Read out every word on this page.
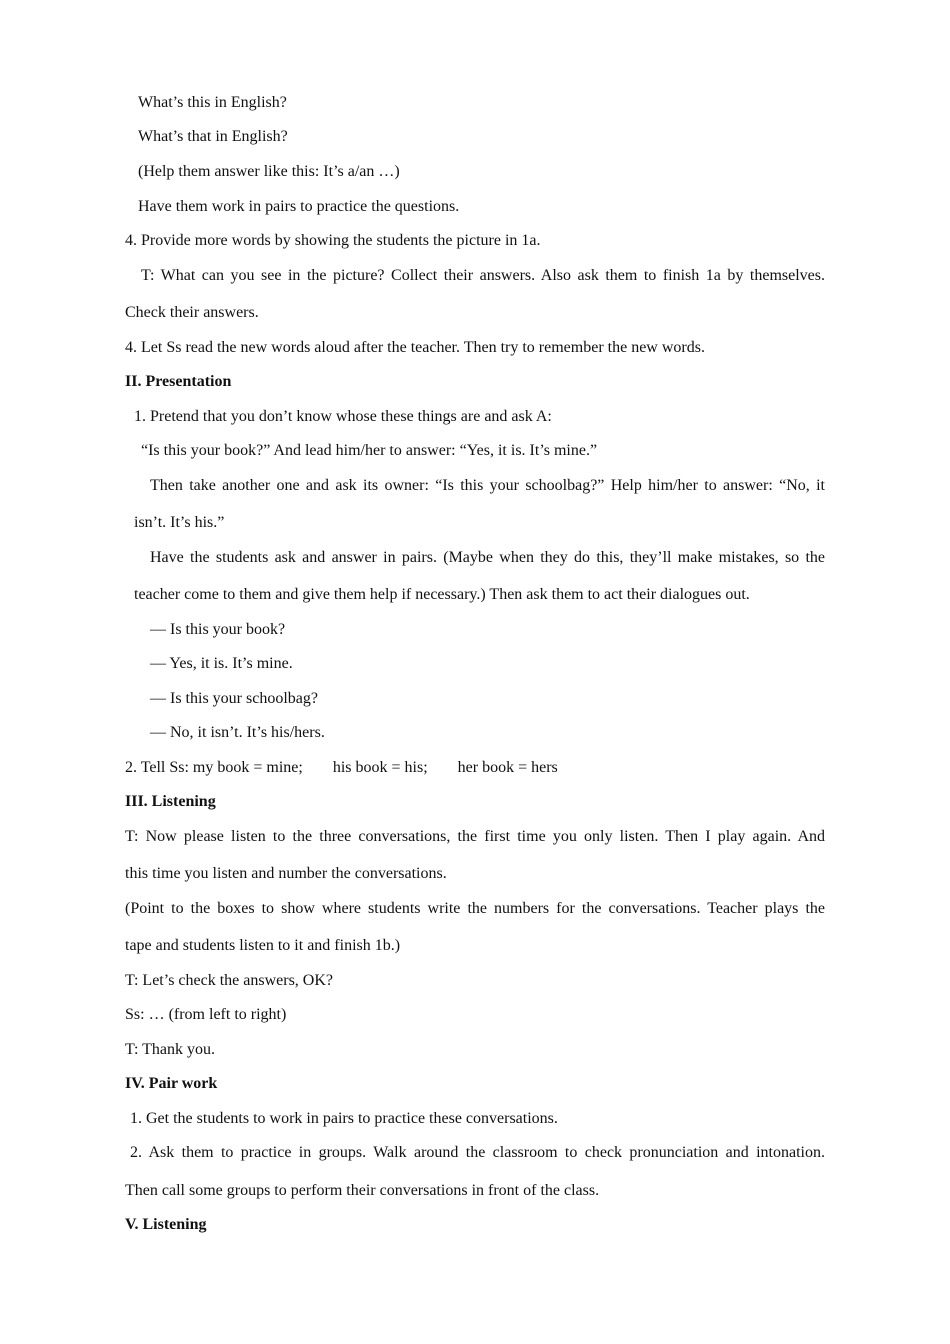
What’s this in English?
What’s that in English?
(Help them answer like this: It’s a/an …)
Have them work in pairs to practice the questions.
4. Provide more words by showing the students the picture in 1a.
T: What can you see in the picture? Collect their answers. Also ask them to finish 1a by themselves.
Check their answers.
4. Let Ss read the new words aloud after the teacher. Then try to remember the new words.
II. Presentation
1. Pretend that you don’t know whose these things are and ask A:
“Is this your book?” And lead him/her to answer: “Yes, it is. It’s mine.”
Then take another one and ask its owner: “Is this your schoolbag?” Help him/her to answer: “No, it
isn’t. It’s his.”
Have the students ask and answer in pairs. (Maybe when they do this, they’ll make mistakes, so the
teacher come to them and give them help if necessary.) Then ask them to act their dialogues out.
— Is this your book?
— Yes, it is. It’s mine.
— Is this your schoolbag?
— No, it isn’t. It’s his/hers.
2. Tell Ss: my book = mine; his book = his; her book = hers
III. Listening
T: Now please listen to the three conversations, the first time you only listen. Then I play again. And
this time you listen and number the conversations.
(Point to the boxes to show where students write the numbers for the conversations. Teacher plays the
tape and students listen to it and finish 1b.)
T: Let’s check the answers, OK?
Ss: … (from left to right)
T: Thank you.
IV. Pair work
1. Get the students to work in pairs to practice these conversations.
2. Ask them to practice in groups. Walk around the classroom to check pronunciation and intonation.
Then call some groups to perform their conversations in front of the class.
V. Listening
